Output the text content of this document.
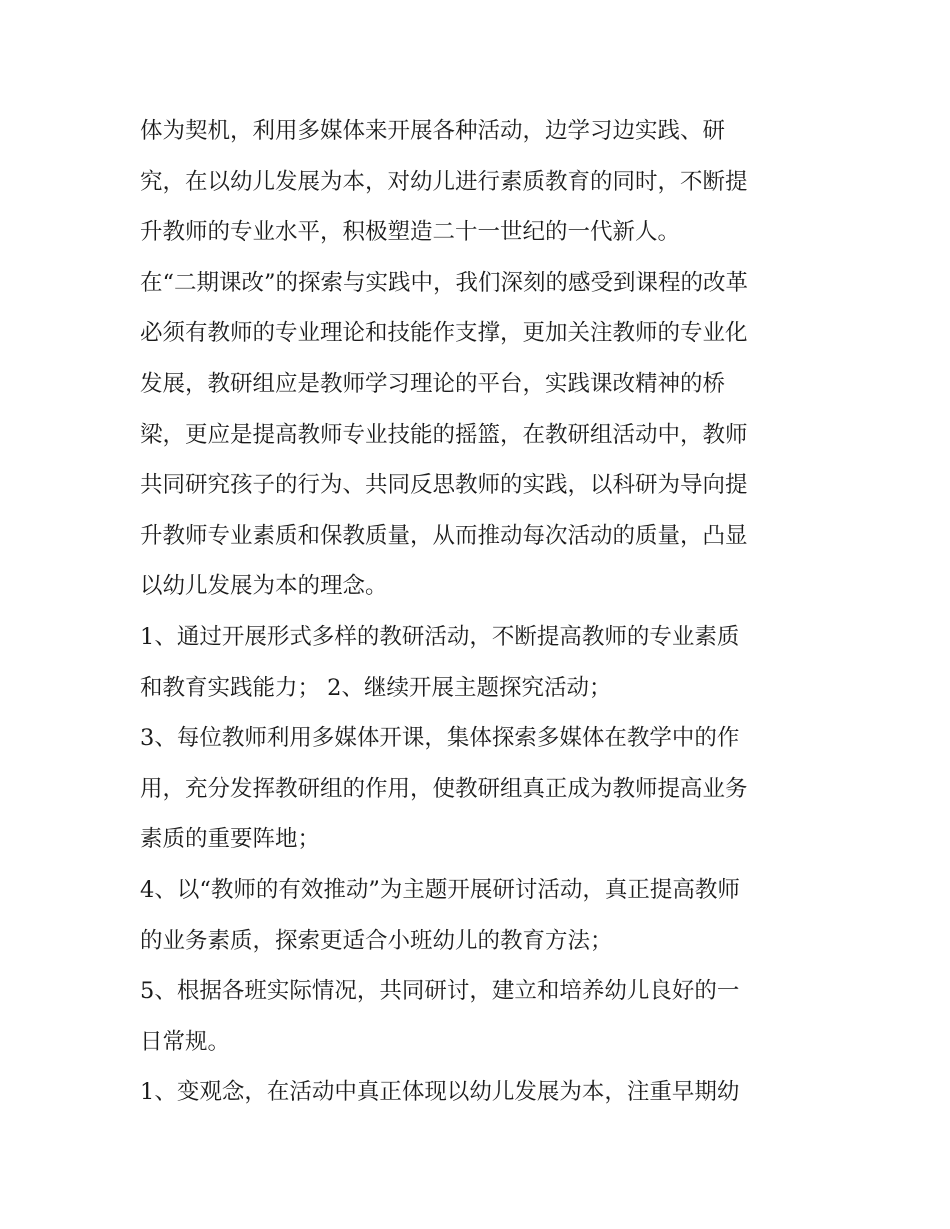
体为契机，利用多媒体来开展各种活动，边学习边实践、研
究，在以幼儿发展为本，对幼儿进行素质教育的同时，不断提
升教师的专业水平，积极塑造二十一世纪的一代新人。
在“二期课改”的探索与实践中，我们深刻的感受到课程的改革
必须有教师的专业理论和技能作支撑，更加关注教师的专业化
发展，教研组应是教师学习理论的平台，实践课改精神的桥
梁，更应是提高教师专业技能的摇篮，在教研组活动中，教师
共同研究孩子的行为、共同反思教师的实践，以科研为导向提
升教师专业素质和保教质量，从而推动每次活动的质量，凸显
以幼儿发展为本的理念。
1、通过开展形式多样的教研活动，不断提高教师的专业素质
和教育实践能力； 2、继续开展主题探究活动；
3、每位教师利用多媒体开课，集体探索多媒体在教学中的作
用，充分发挥教研组的作用，使教研组真正成为教师提高业务
素质的重要阵地；
4、以“教师的有效推动”为主题开展研讨活动，真正提高教师
的业务素质，探索更适合小班幼儿的教育方法；
5、根据各班实际情况，共同研讨，建立和培养幼儿良好的一
日常规。
1、变观念，在活动中真正体现以幼儿发展为本，注重早期幼
